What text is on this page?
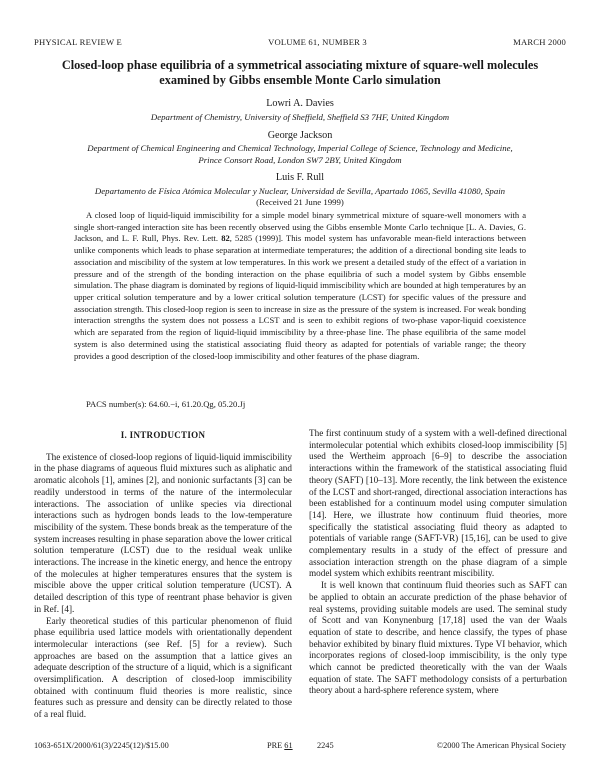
PHYSICAL REVIEW E	VOLUME 61, NUMBER 3	MARCH 2000
Closed-loop phase equilibria of a symmetrical associating mixture of square-well molecules
examined by Gibbs ensemble Monte Carlo simulation
Lowri A. Davies
Department of Chemistry, University of Sheffield, Sheffield S3 7HF, United Kingdom
George Jackson
Department of Chemical Engineering and Chemical Technology, Imperial College of Science, Technology and Medicine,
Prince Consort Road, London SW7 2BY, United Kingdom
Luis F. Rull
Departamento de Física Atómica Molecular y Nuclear, Universidad de Sevilla, Apartado 1065, Sevilla 41080, Spain
(Received 21 June 1999)

A closed loop of liquid-liquid immiscibility for a simple model binary symmetrical mixture of square-well monomers with a single short-ranged interaction site has been recently observed using the Gibbs ensemble Monte Carlo technique [L. A. Davies, G. Jackson, and L. F. Rull, Phys. Rev. Lett. 82, 5285 (1999)]. This model system has unfavorable mean-field interactions between unlike components which leads to phase separation at intermediate temperatures; the addition of a directional bonding site leads to association and miscibility of the system at low temperatures. In this work we present a detailed study of the effect of a variation in pressure and of the strength of the bonding interaction on the phase equilibria of such a model system by Gibbs ensemble simulation. The phase diagram is dominated by regions of liquid-liquid immiscibility which are bounded at high temperatures by an upper critical solution temperature and by a lower critical solution temperature (LCST) for specific values of the pressure and association strength. This closed-loop region is seen to increase in size as the pressure of the system is increased. For weak bonding interaction strengths the system does not possess a LCST and is seen to exhibit regions of two-phase vapor-liquid coexistence which are separated from the region of liquid-liquid immiscibility by a three-phase line. The phase equilibria of the same model system is also determined using the statistical associating fluid theory as adapted for potentials of variable range; the theory provides a good description of the closed-loop immiscibility and other features of the phase diagram.

PACS number(s): 64.60.−i, 61.20.Qg, 05.20.Jj
I. INTRODUCTION

The existence of closed-loop regions of liquid-liquid immiscibility in the phase diagrams of aqueous fluid mixtures such as aliphatic and aromatic alcohols [1], amines [2], and nonionic surfactants [3] can be readily understood in terms of the nature of the intermolecular interactions. The association of unlike species via directional interactions such as hydrogen bonds leads to the low-temperature miscibility of the system. These bonds break as the temperature of the system increases resulting in phase separation above the lower critical solution temperature (LCST) due to the residual weak unlike interactions. The increase in the kinetic energy, and hence the entropy of the molecules at higher temperatures ensures that the system is miscible above the upper critical solution temperature (UCST). A detailed description of this type of reentrant phase behavior is given in Ref. [4].

Early theoretical studies of this particular phenomenon of fluid phase equilibria used lattice models with orientationally dependent intermolecular interactions (see Ref. [5] for a review). Such approaches are based on the assumption that a lattice gives an adequate description of the structure of a liquid, which is a significant oversimplification. A description of closed-loop immiscibility obtained with continuum fluid theories is more realistic, since features such as pressure and density can be directly related to those of a real fluid.

The first continuum study of a system with a well-defined directional intermolecular potential which exhibits closed-loop immiscibility [5] used the Wertheim approach [6–9] to describe the association interactions within the framework of the statistical associating fluid theory (SAFT) [10–13]. More recently, the link between the existence of the LCST and short-ranged, directional association interactions has been established for a continuum model using computer simulation [14]. Here, we illustrate how continuum fluid theories, more specifically the statistical associating fluid theory as adapted to potentials of variable range (SAFT-VR) [15,16], can be used to give complementary results in a study of the effect of pressure and association interaction strength on the phase diagram of a simple model system which exhibits reentrant miscibility.

It is well known that continuum fluid theories such as SAFT can be applied to obtain an accurate prediction of the phase behavior of real systems, providing suitable models are used. The seminal study of Scott and van Konynenburg [17,18] used the van der Waals equation of state to describe, and hence classify, the types of phase behavior exhibited by binary fluid mixtures. Type VI behavior, which incorporates regions of closed-loop immiscibility, is the only type which cannot be predicted theoretically with the van der Waals equation of state. The SAFT methodology consists of a perturbation theory about a hard-sphere reference system, where

1063-651X/2000/61(3)/2245(12)/$15.00	PRE 61	2245	©2000 The American Physical Society
